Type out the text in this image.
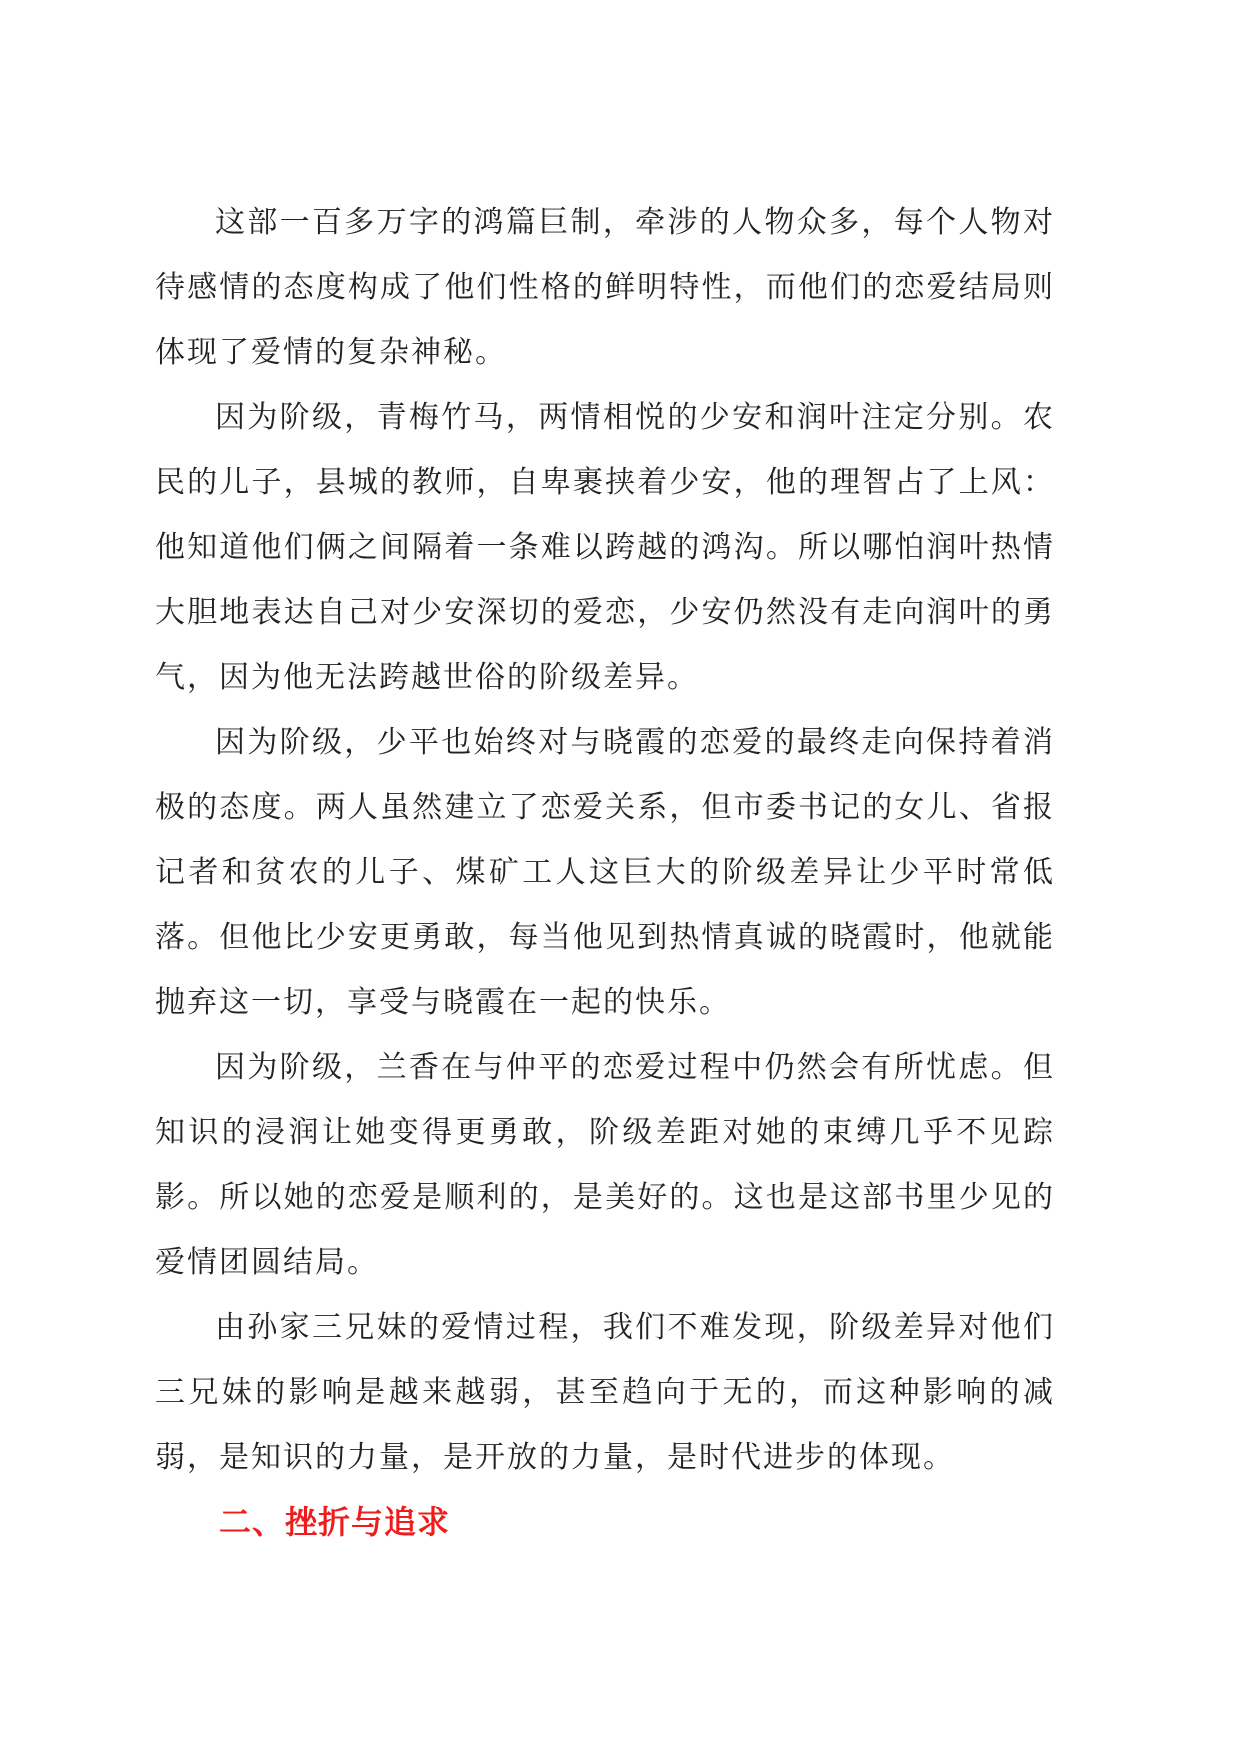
这部一百多万字的鸿篇巨制，牵涉的人物众多，每个人物对待感情的态度构成了他们性格的鲜明特性，而他们的恋爱结局则体现了爱情的复杂神秘。

因为阶级，青梅竹马，两情相悦的少安和润叶注定分别。农民的儿子，县城的教师，自卑裹挟着少安，他的理智占了上风：他知道他们俩之间隔着一条难以跨越的鸿沟。所以哪怕润叶热情大胆地表达自己对少安深切的爱恋，少安仍然没有走向润叶的勇气，因为他无法跨越世俗的阶级差异。

因为阶级，少平也始终对与晓霞的恋爱的最终走向保持着消极的态度。两人虽然建立了恋爱关系，但市委书记的女儿、省报记者和贫农的儿子、煤矿工人这巨大的阶级差异让少平时常低落。但他比少安更勇敢，每当他见到热情真诚的晓霞时，他就能抛弃这一切，享受与晓霞在一起的快乐。

因为阶级，兰香在与仲平的恋爱过程中仍然会有所忧虑。但知识的浸润让她变得更勇敢，阶级差距对她的束缚几乎不见踪影。所以她的恋爱是顺利的，是美好的。这也是这部书里少见的爱情团圆结局。

由孙家三兄妹的爱情过程，我们不难发现，阶级差异对他们三兄妹的影响是越来越弱，甚至趋向于无的，而这种影响的减弱，是知识的力量，是开放的力量，是时代进步的体现。

二、挫折与追求
